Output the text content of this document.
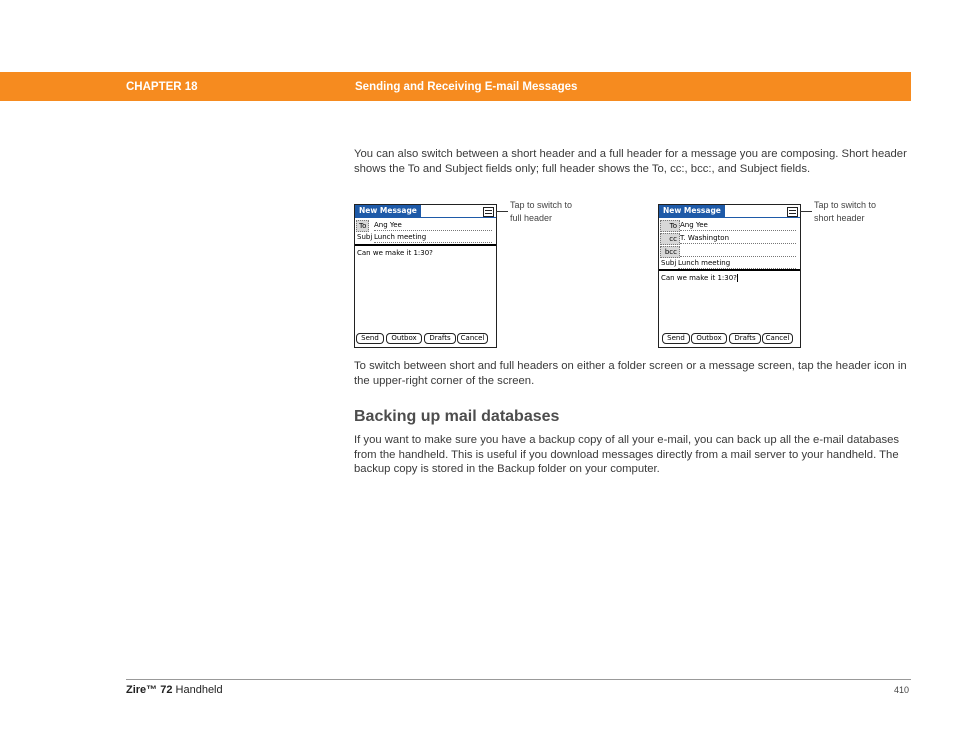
CHAPTER 18	Sending and Receiving E-mail Messages

You can also switch between a short header and a full header for a message you are composing. Short header shows the To and Subject fields only; full header shows the To, cc:, bcc:, and Subject fields.

New Message
To	Ang Yee
Subj Lunch meeting
Can we make it 1:30?
Send	Outbox	Drafts	Cancel
Tap to switch to
full header
New Message
To Ang Yee
cc T. Washington
bcc
Subj Lunch meeting
Can we make it 1:30?
Send	Outbox	Drafts	Cancel
Tap to switch to
short header

To switch between short and full headers on either a folder screen or a message screen, tap the header icon in the upper-right corner of the screen.

Backing up mail databases

If you want to make sure you have a backup copy of all your e-mail, you can back up all the e-mail databases from the handheld. This is useful if you download messages directly from a mail server to your handheld. The backup copy is stored in the Backup folder on your computer.

Zire™ 72 Handheld	410
